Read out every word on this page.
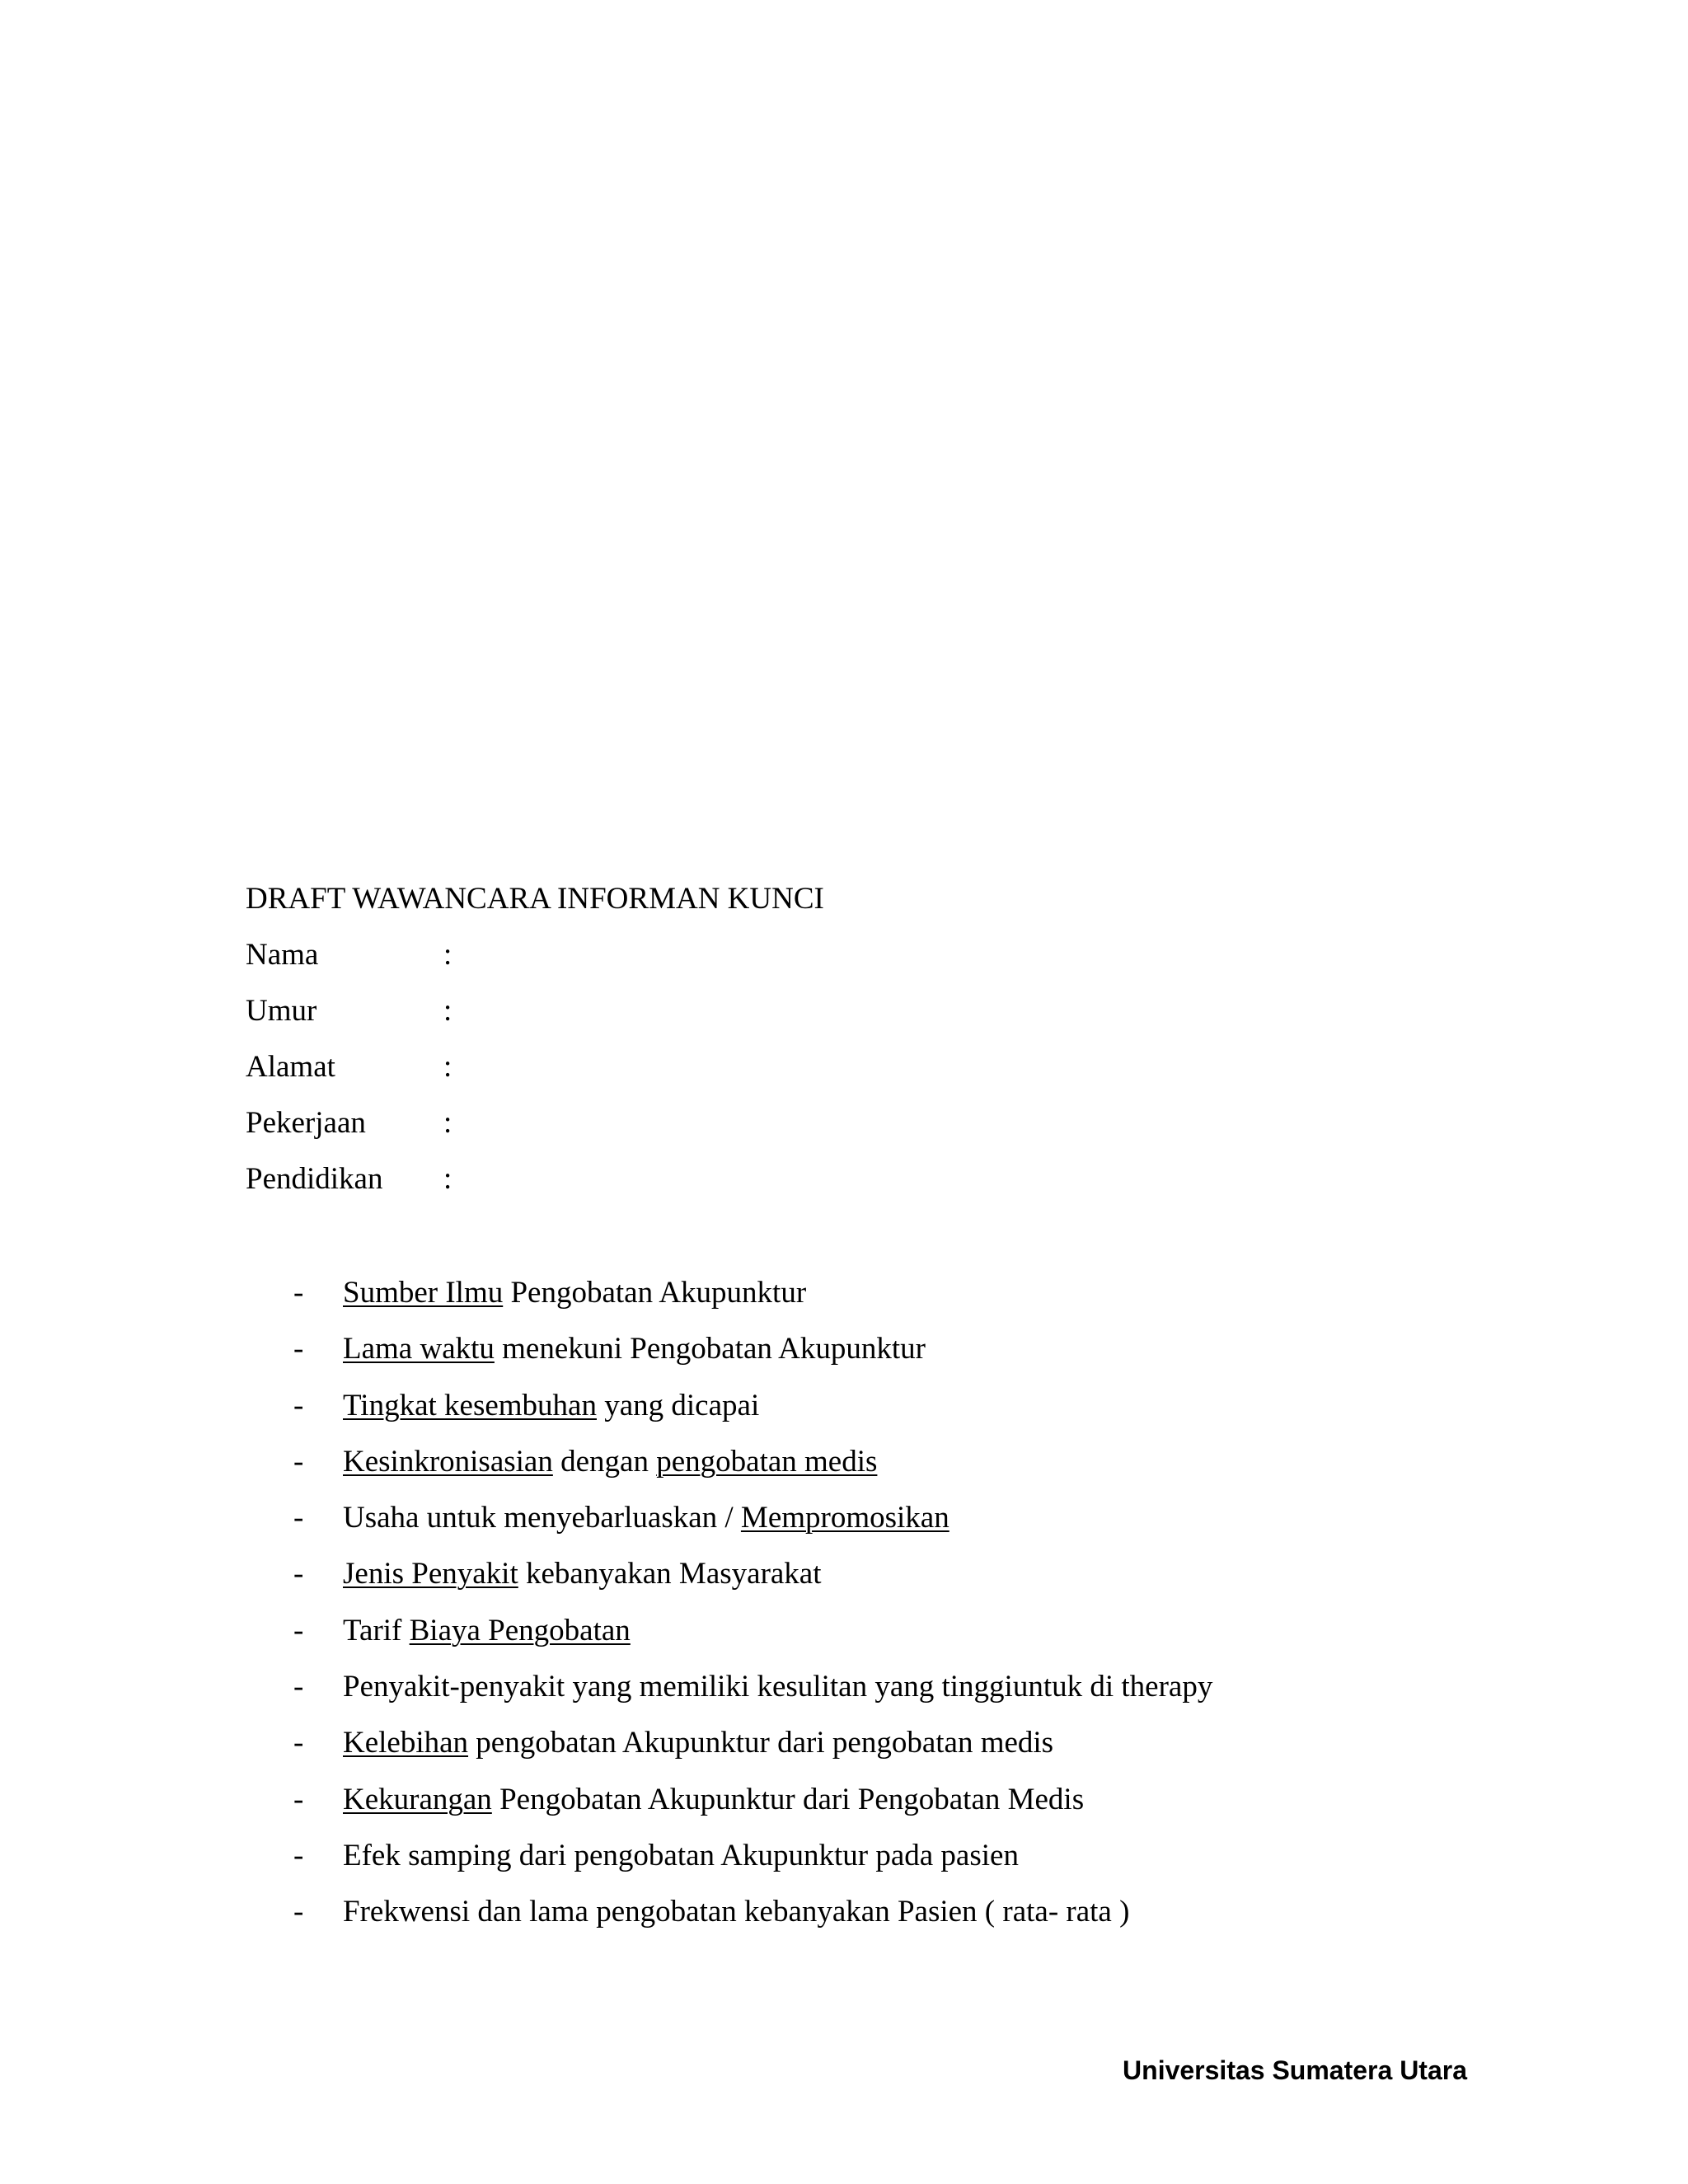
DRAFT WAWANCARA INFORMAN KUNCI
Nama	:
Umur	:
Alamat	:
Pekerjaan	:
Pendidikan	:
-	Sumber Ilmu Pengobatan Akupunktur
-	Lama waktu menekuni Pengobatan Akupunktur
-	Tingkat kesembuhan yang dicapai
-	Kesinkronisasian dengan pengobatan medis
-	Usaha untuk menyebarluaskan / Mempromosikan
-	Jenis Penyakit kebanyakan Masyarakat
-	Tarif Biaya Pengobatan
-	Penyakit-penyakit yang memiliki kesulitan yang tinggiuntuk di therapy
-	Kelebihan pengobatan Akupunktur dari pengobatan medis
-	Kekurangan Pengobatan Akupunktur dari Pengobatan Medis
-	Efek samping dari pengobatan Akupunktur pada pasien
-	Frekwensi dan lama pengobatan kebanyakan Pasien ( rata- rata )
Universitas Sumatera Utara
